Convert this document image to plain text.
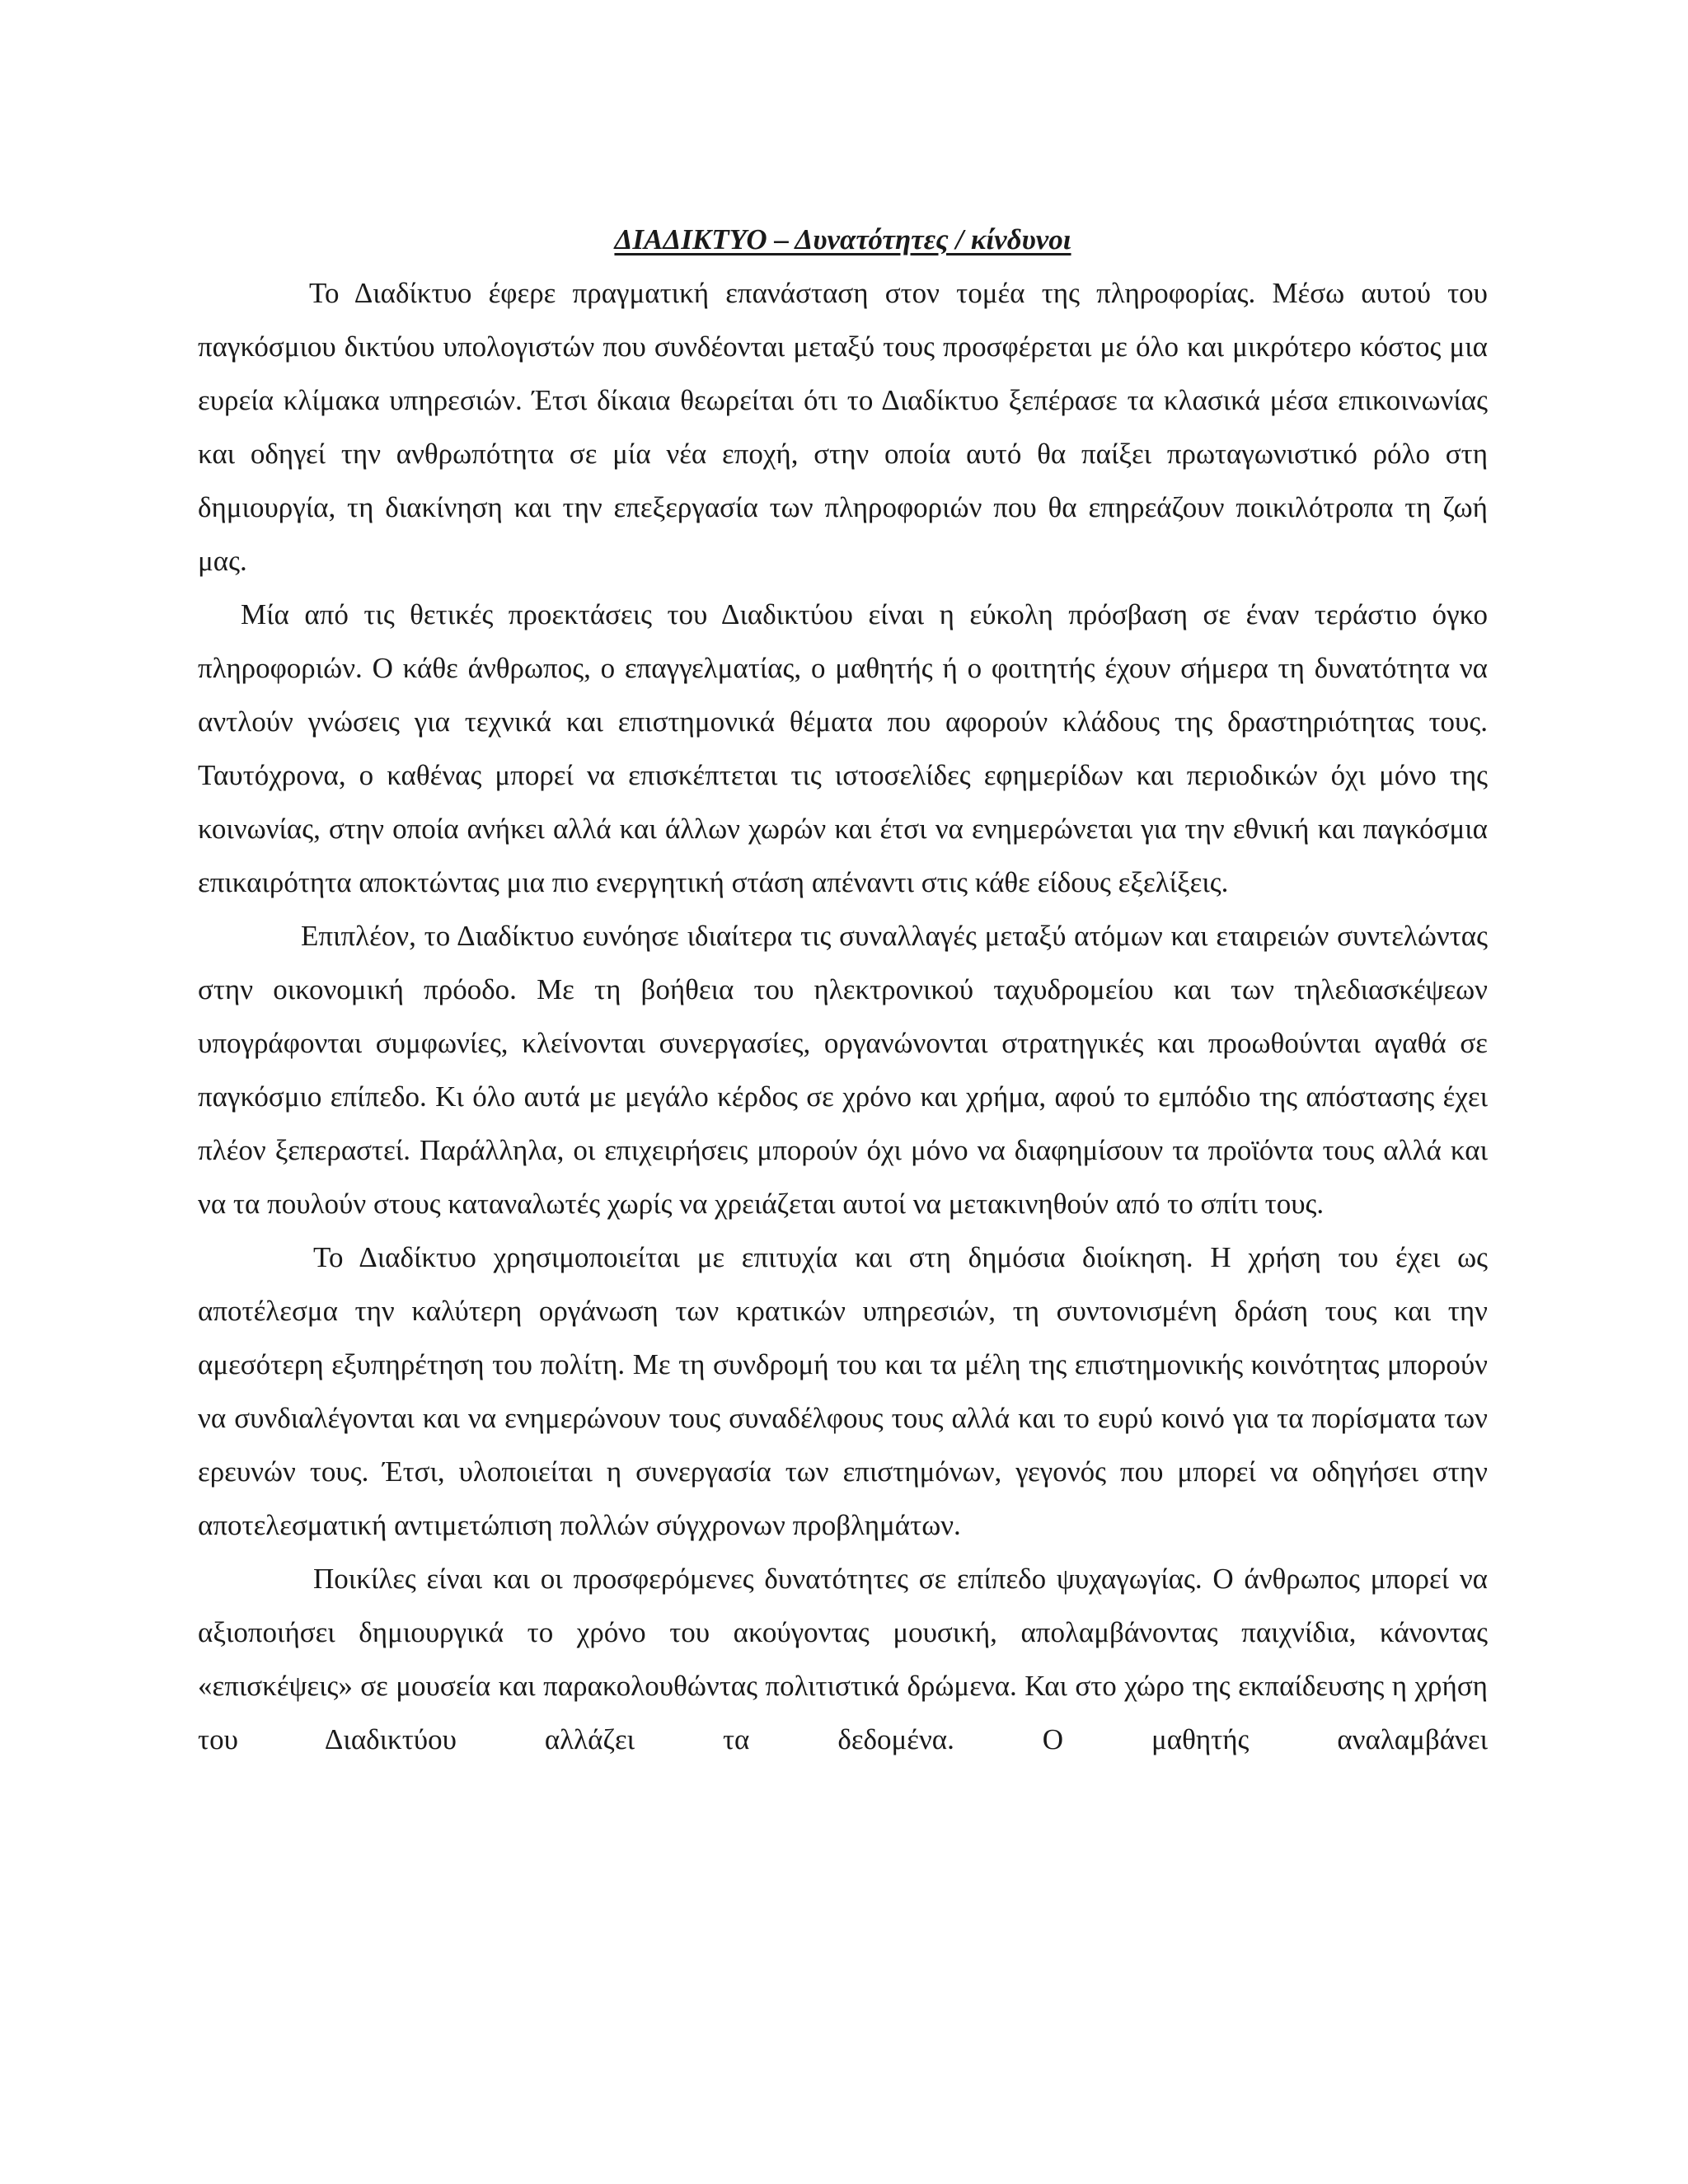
ΔΙΑΔΙΚΤΥΟ – Δυνατότητες / κίνδυνοι

Το Διαδίκτυο έφερε πραγματική επανάσταση στον τομέα της πληροφορίας. Μέσω αυτού του παγκόσμιου δικτύου υπολογιστών που συνδέονται μεταξύ τους προσφέρεται με όλο και μικρότερο κόστος μια ευρεία κλίμακα υπηρεσιών. Έτσι δίκαια θεωρείται ότι το Διαδίκτυο ξεπέρασε τα κλασικά μέσα επικοινωνίας και οδηγεί την ανθρωπότητα σε μία νέα εποχή, στην οποία αυτό θα παίξει πρωταγωνιστικό ρόλο στη δημιουργία, τη διακίνηση και την επεξεργασία των πληροφοριών που θα επηρεάζουν ποικιλότροπα τη ζωή μας.

Μία από τις θετικές προεκτάσεις του Διαδικτύου είναι η εύκολη πρόσβαση σε έναν τεράστιο όγκο πληροφοριών. Ο κάθε άνθρωπος, ο επαγγελματίας, ο μαθητής ή ο φοιτητής έχουν σήμερα τη δυνατότητα να αντλούν γνώσεις για τεχνικά και επιστημονικά θέματα που αφορούν κλάδους της δραστηριότητας τους. Ταυτόχρονα, ο καθένας μπορεί να επισκέπτεται τις ιστοσελίδες εφημερίδων και περιοδικών όχι μόνο της κοινωνίας, στην οποία ανήκει αλλά και άλλων χωρών και έτσι να ενημερώνεται για την εθνική και παγκόσμια επικαιρότητα αποκτώντας μια πιο ενεργητική στάση απέναντι στις κάθε είδους εξελίξεις.

Επιπλέον, το Διαδίκτυο ευνόησε ιδιαίτερα τις συναλλαγές μεταξύ ατόμων και εταιρειών συντελώντας στην οικονομική πρόοδο. Με τη βοήθεια του ηλεκτρονικού ταχυδρομείου και των τηλεδιασκέψεων υπογράφονται συμφωνίες, κλείνονται συνεργασίες, οργανώνονται στρατηγικές και προωθούνται αγαθά σε παγκόσμιο επίπεδο. Κι όλο αυτά με μεγάλο κέρδος σε χρόνο και χρήμα, αφού το εμπόδιο της απόστασης έχει πλέον ξεπεραστεί. Παράλληλα, οι επιχειρήσεις μπορούν όχι μόνο να διαφημίσουν τα προϊόντα τους αλλά και να τα πουλούν στους καταναλωτές χωρίς να χρειάζεται αυτοί να μετακινηθούν από το σπίτι τους.

Το Διαδίκτυο χρησιμοποιείται με επιτυχία και στη δημόσια διοίκηση. Η χρήση του έχει ως αποτέλεσμα την καλύτερη οργάνωση των κρατικών υπηρεσιών, τη συντονισμένη δράση τους και την αμεσότερη εξυπηρέτηση του πολίτη. Με τη συνδρομή του και τα μέλη της επιστημονικής κοινότητας μπορούν να συνδιαλέγονται και να ενημερώνουν τους συναδέλφους τους αλλά και το ευρύ κοινό για τα πορίσματα των ερευνών τους. Έτσι, υλοποιείται η συνεργασία των επιστημόνων, γεγονός που μπορεί να οδηγήσει στην αποτελεσματική αντιμετώπιση πολλών σύγχρονων προβλημάτων.

Ποικίλες είναι και οι προσφερόμενες δυνατότητες σε επίπεδο ψυχαγωγίας. Ο άνθρωπος μπορεί να αξιοποιήσει δημιουργικά το χρόνο του ακούγοντας μουσική, απολαμβάνοντας παιχνίδια, κάνοντας «επισκέψεις» σε μουσεία και παρακολουθώντας πολιτιστικά δρώμενα. Και στο χώρο της εκπαίδευσης η χρήση του Διαδικτύου αλλάζει τα δεδομένα. Ο μαθητής αναλαμβάνει
